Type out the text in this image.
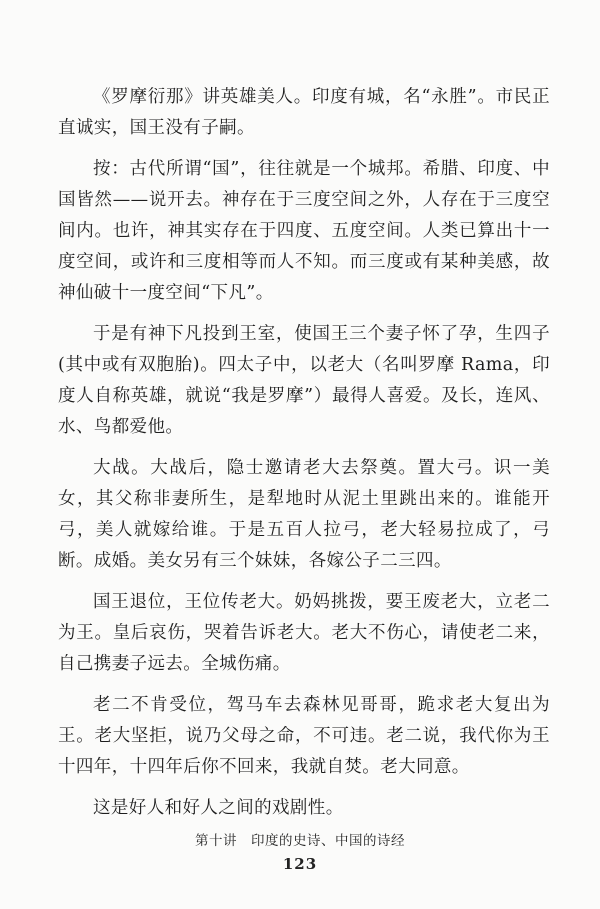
《罗摩衍那》讲英雄美人。印度有城，名“永胜”。市民正直诚实，国王没有子嗣。

按：古代所谓“国”，往往就是一个城邦。希腊、印度、中国皆然——说开去。神存在于三度空间之外，人存在于三度空间内。也许，神其实存在于四度、五度空间。人类已算出十一度空间，或许和三度相等而人不知。而三度或有某种美感，故神仙破十一度空间“下凡”。

于是有神下凡投到王室，使国王三个妻子怀了孕，生四子(其中或有双胞胎)。四太子中，以老大（名叫罗摩 Rama，印度人自称英雄，就说“我是罗摩”）最得人喜爱。及长，连风、水、鸟都爱他。

大战。大战后，隐士邀请老大去祭奠。置大弓。识一美女，其父称非妻所生，是犁地时从泥土里跳出来的。谁能开弓，美人就嫁给谁。于是五百人拉弓，老大轻易拉成了，弓断。成婚。美女另有三个妹妹，各嫁公子二三四。

国王退位，王位传老大。奶妈挑拨，要王废老大，立老二为王。皇后哀伤，哭着告诉老大。老大不伤心，请使老二来，自己携妻子远去。全城伤痛。

老二不肯受位，驾马车去森林见哥哥，跪求老大复出为王。老大坚拒，说乃父母之命，不可违。老二说，我代你为王十四年，十四年后你不回来，我就自焚。老大同意。

这是好人和好人之间的戏剧性。

第十讲　印度的史诗、中国的诗经
123
